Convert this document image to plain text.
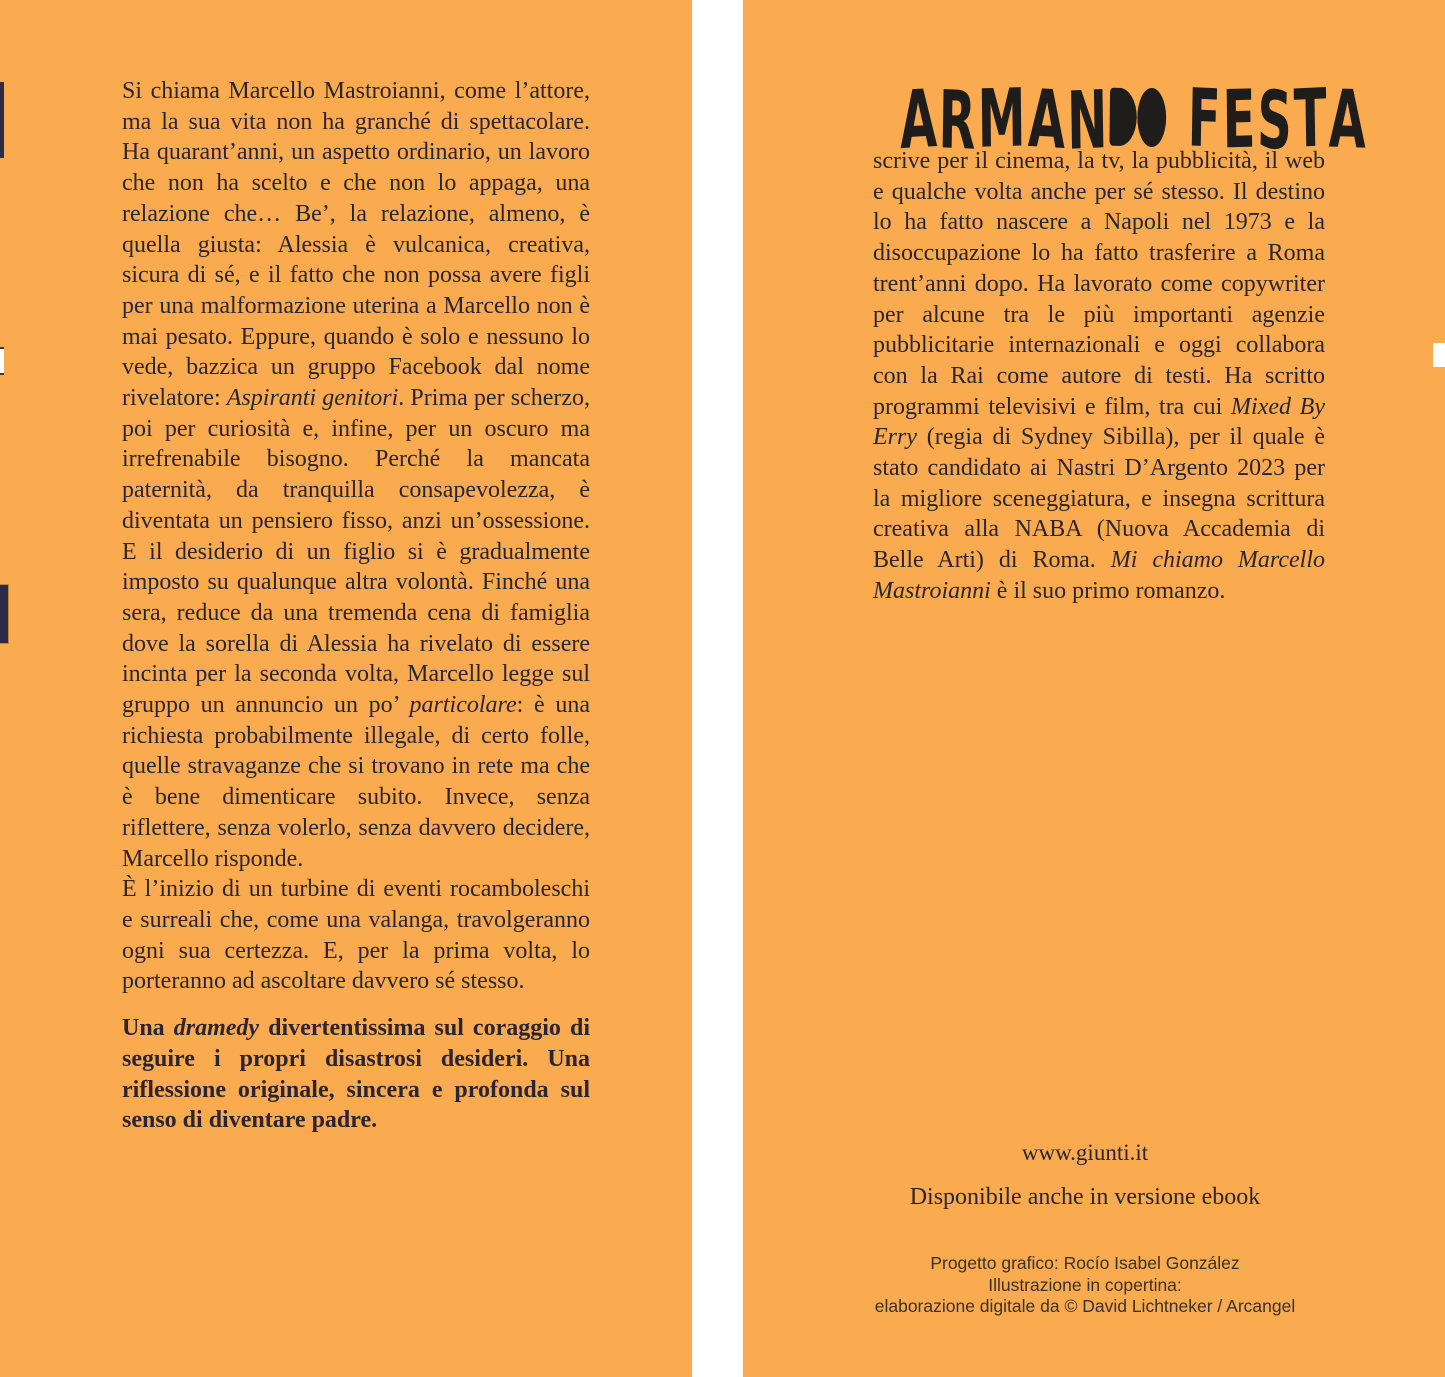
Si chiama Marcello Mastroianni, come l’attore, ma la sua vita non ha granché di spettacolare. Ha quarant’anni, un aspetto ordinario, un lavoro che non ha scelto e che non lo appaga, una relazione che… Be’, la relazione, almeno, è quella giusta: Alessia è vulcanica, creativa, sicura di sé, e il fatto che non possa avere figli per una malformazione uterina a Marcello non è mai pesato. Eppure, quando è solo e nessuno lo vede, bazzica un gruppo Facebook dal nome rivelatore: Aspiranti genitori. Prima per scherzo, poi per curiosità e, infine, per un oscuro ma irrefrenabile bisogno. Perché la mancata paternità, da tranquilla consapevolezza, è diventata un pensiero fisso, anzi un’ossessione. E il desiderio di un figlio si è gradualmente imposto su qualunque altra volontà. Finché una sera, reduce da una tremenda cena di famiglia dove la sorella di Alessia ha rivelato di essere incinta per la seconda volta, Marcello legge sul gruppo un annuncio un po’ particolare: è una richiesta probabilmente illegale, di certo folle, quelle stravaganze che si trovano in rete ma che è bene dimenticare subito. Invece, senza riflettere, senza volerlo, senza davvero decidere, Marcello risponde.

È l’inizio di un turbine di eventi rocamboleschi e surreali che, come una valanga, travolgeranno ogni sua certezza. E, per la prima volta, lo porteranno ad ascoltare davvero sé stesso.

Una dramedy divertentissima sul coraggio di seguire i propri disastrosi desideri. Una riflessione originale, sincera e profonda sul senso di diventare padre.

ARMAN FESTA
scrive per il cinema, la tv, la pubblicità, il web e qualche volta anche per sé stesso. Il destino lo ha fatto nascere a Napoli nel 1973 e la disoccupazione lo ha fatto trasferire a Roma trent’anni dopo. Ha lavorato come copywriter per alcune tra le più importanti agenzie pubblicitarie internazionali e oggi collabora con la Rai come autore di testi. Ha scritto programmi televisivi e film, tra cui Mixed By Erry (regia di Sydney Sibilla), per il quale è stato candidato ai Nastri D’Argento 2023 per la migliore sceneggiatura, e insegna scrittura creativa alla NABA (Nuova Accademia di Belle Arti) di Roma. Mi chiamo Marcello Mastroianni è il suo primo romanzo.
www.giunti.it
Disponibile anche in versione ebook
Progetto grafico: Rocío Isabel González
Illustrazione in copertina:
elaborazione digitale da © David Lichtneker / Arcangel
